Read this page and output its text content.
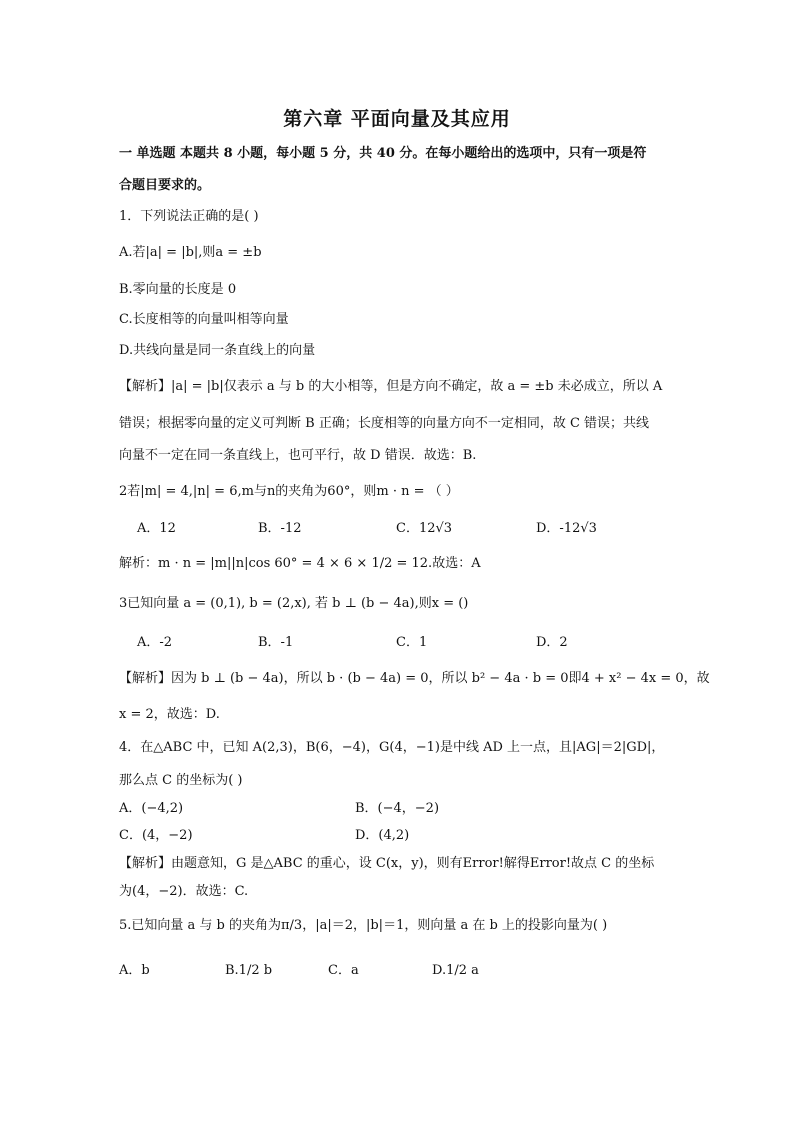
第六章 平面向量及其应用
一 单选题 本题共 8 小题，每小题 5 分，共 40 分。在每小题给出的选项中，只有一项是符
合题目要求的。
1．下列说法正确的是( )
A.若|a| = |b|,则a = ±b
B.零向量的长度是 0
C.长度相等的向量叫相等向量
D.共线向量是同一条直线上的向量
【解析】|a| = |b|仅表示 a 与 b 的大小相等，但是方向不确定，故 a = ±b 未必成立，所以 A
错误；根据零向量的定义可判断 B 正确；长度相等的向量方向不一定相同，故 C 错误；共线
向量不一定在同一条直线上，也可平行，故 D 错误．故选：B.
2若|m| = 4,|n| = 6,m与n的夹角为60°，则m · n = （ ）
A．12	B．-12	C．12√3	D．-12√3
解析：m · n = |m||n|cos 60° = 4 × 6 × 1/2 = 12.故选：A
3已知向量 a = (0,1), b = (2,x), 若 b ⊥ (b − 4a),则x = ()
A．-2	B．-1	C．1	D．2
【解析】因为 b ⊥ (b − 4a)，所以 b · (b − 4a) = 0，所以 b² − 4a · b = 0即4 + x² − 4x = 0，故
x = 2，故选：D.
4．在△ABC 中，已知 A(2,3)，B(6，−4)，G(4，−1)是中线 AD 上一点，且|AG|＝2|GD|，
那么点 C 的坐标为( )
A．(−4,2)	B．(−4，−2)
C．(4，−2)	D．(4,2)
【解析】由题意知，G 是△ABC 的重心，设 C(x，y)，则有Error!解得Error!故点 C 的坐标
为(4，−2)．故选：C.
5.已知向量 a 与 b 的夹角为π/3，|a|＝2，|b|＝1，则向量 a 在 b 上的投影向量为( )
A．b	B.1/2 b	C．a	D.1/2 a
